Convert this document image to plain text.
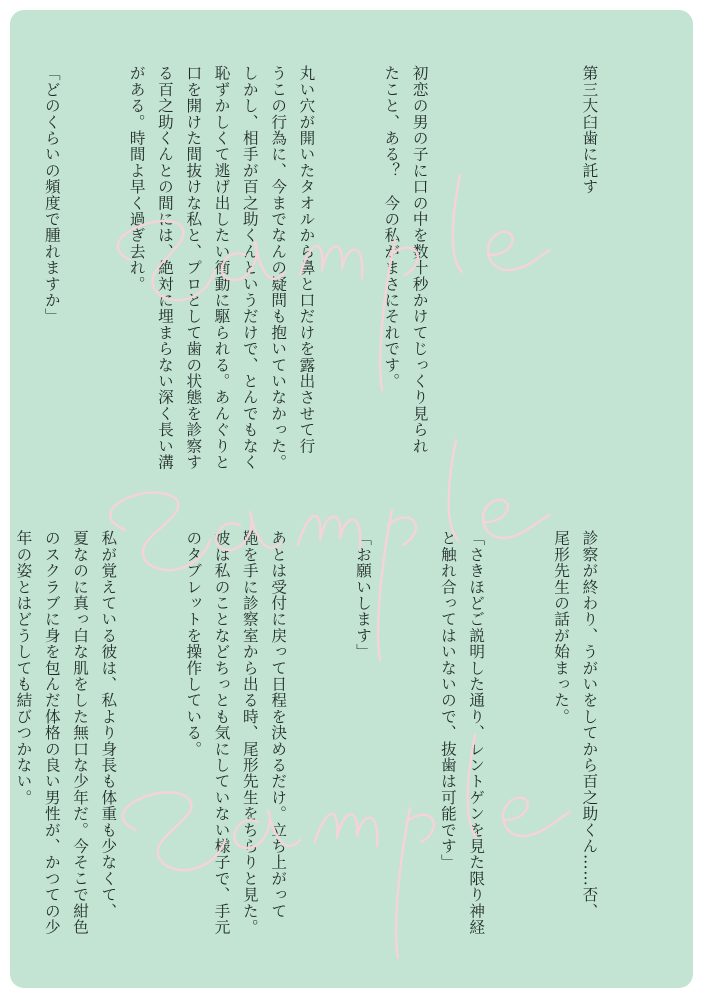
第三大臼歯に託す

初恋の男の子に口の中を数十秒かけてじっくり見られ
たこと、ある？　今の私がまさにそれです。

丸い穴が開いたタオルから鼻と口だけを露出させて行
うこの行為に、今までなんの疑問も抱いていなかった。
しかし、相手が百之助くんというだけで、とんでもなく
恥ずかしくて逃げ出したい衝動に駆られる。あんぐりと
口を開けた間抜けな私と、プロとして歯の状態を診察す
る百之助くんとの間には、絶対に埋まらない深く長い溝
がある。時間よ早く過ぎ去れ。

「どのくらいの頻度で腫れますか」

診察が終わり、うがいをしてから百之助くん……否、
尾形先生の話が始まった。

「さきほどご説明した通り、レントゲンを見た限り神経
と触れ合ってはいないので、抜歯は可能です」

「お願いします」

あとは受付に戻って日程を決めるだけ。立ち上がって
鞄を手に診察室から出る時、尾形先生をちらりと見た。
彼は私のことなどちっとも気にしていない様子で、手元
のタブレットを操作している。

私が覚えている彼は、私より身長も体重も少なくて、
夏なのに真っ白な肌をした無口な少年だ。今そこで紺色
のスクラブに身を包んだ体格の良い男性が、かつての少
年の姿とはどうしても結びつかない。
